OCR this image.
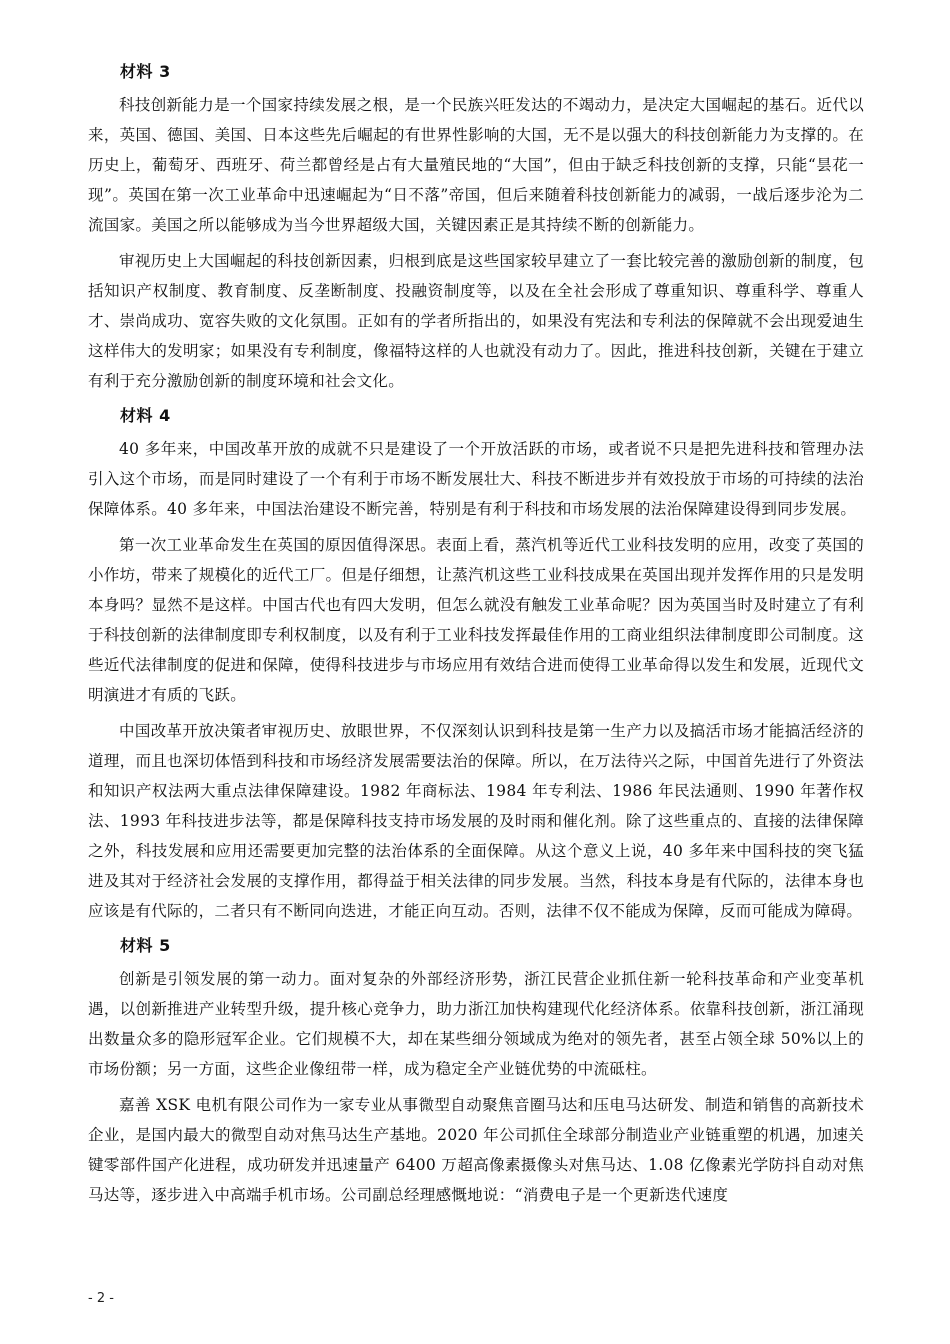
材料 3

科技创新能力是一个国家持续发展之根，是一个民族兴旺发达的不竭动力，是决定大国崛起的基石。近代以来，英国、德国、美国、日本这些先后崛起的有世界性影响的大国，无不是以强大的科技创新能力为支撑的。在历史上，葡萄牙、西班牙、荷兰都曾经是占有大量殖民地的“大国”，但由于缺乏科技创新的支撑，只能“昙花一现”。英国在第一次工业革命中迅速崛起为“日不落”帝国，但后来随着科技创新能力的减弱，一战后逐步沦为二流国家。美国之所以能够成为当今世界超级大国，关键因素正是其持续不断的创新能力。

审视历史上大国崛起的科技创新因素，归根到底是这些国家较早建立了一套比较完善的激励创新的制度，包括知识产权制度、教育制度、反垄断制度、投融资制度等，以及在全社会形成了尊重知识、尊重科学、尊重人才、崇尚成功、宽容失败的文化氛围。正如有的学者所指出的，如果没有宪法和专利法的保障就不会出现爱迪生这样伟大的发明家；如果没有专利制度，像福特这样的人也就没有动力了。因此，推进科技创新，关键在于建立有利于充分激励创新的制度环境和社会文化。

材料 4

40 多年来，中国改革开放的成就不只是建设了一个开放活跃的市场，或者说不只是把先进科技和管理办法引入这个市场，而是同时建设了一个有利于市场不断发展壮大、科技不断进步并有效投放于市场的可持续的法治保障体系。40 多年来，中国法治建设不断完善，特别是有利于科技和市场发展的法治保障建设得到同步发展。

第一次工业革命发生在英国的原因值得深思。表面上看，蒸汽机等近代工业科技发明的应用，改变了英国的小作坊，带来了规模化的近代工厂。但是仔细想，让蒸汽机这些工业科技成果在英国出现并发挥作用的只是发明本身吗？显然不是这样。中国古代也有四大发明，但怎么就没有触发工业革命呢？因为英国当时及时建立了有利于科技创新的法律制度即专利权制度，以及有利于工业科技发挥最佳作用的工商业组织法律制度即公司制度。这些近代法律制度的促进和保障，使得科技进步与市场应用有效结合进而使得工业革命得以发生和发展，近现代文明演进才有质的飞跃。

中国改革开放决策者审视历史、放眼世界，不仅深刻认识到科技是第一生产力以及搞活市场才能搞活经济的道理，而且也深切体悟到科技和市场经济发展需要法治的保障。所以，在万法待兴之际，中国首先进行了外资法和知识产权法两大重点法律保障建设。1982 年商标法、1984 年专利法、1986 年民法通则、1990 年著作权法、1993 年科技进步法等，都是保障科技支持市场发展的及时雨和催化剂。除了这些重点的、直接的法律保障之外，科技发展和应用还需要更加完整的法治体系的全面保障。从这个意义上说，40 多年来中国科技的突飞猛进及其对于经济社会发展的支撑作用，都得益于相关法律的同步发展。当然，科技本身是有代际的，法律本身也应该是有代际的，二者只有不断同向迭进，才能正向互动。否则，法律不仅不能成为保障，反而可能成为障碍。

材料 5

创新是引领发展的第一动力。面对复杂的外部经济形势，浙江民营企业抓住新一轮科技革命和产业变革机遇，以创新推进产业转型升级，提升核心竞争力，助力浙江加快构建现代化经济体系。依靠科技创新，浙江涌现出数量众多的隐形冠军企业。它们规模不大，却在某些细分领域成为绝对的领先者，甚至占领全球 50%以上的市场份额；另一方面，这些企业像纽带一样，成为稳定全产业链优势的中流砥柱。

嘉善 XSK 电机有限公司作为一家专业从事微型自动聚焦音圈马达和压电马达研发、制造和销售的高新技术企业，是国内最大的微型自动对焦马达生产基地。2020 年公司抓住全球部分制造业产业链重塑的机遇，加速关键零部件国产化进程，成功研发并迅速量产 6400 万超高像素摄像头对焦马达、1.08 亿像素光学防抖自动对焦马达等，逐步进入中高端手机市场。公司副总经理感慨地说：“消费电子是一个更新迭代速度

- 2 -
